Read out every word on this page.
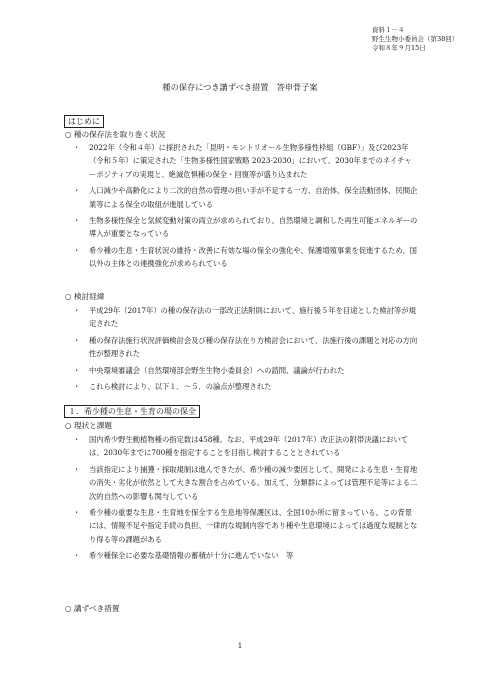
資料１－４
野生生物小委員会（第38回）
令和８年９月15日
種の保存につき講ずべき措置　答申骨子案
はじめに
○ 種の保存法を取り巻く状況
・ 2022年（令和４年）に採択された「昆明・モントリオール生物多様性枠組（GBF）」及び2023年（令和５年）に策定された「生物多様性国家戦略 2023-2030」において、2030年までのネイチャーポジティブの実現と、絶滅危惧種の保全・回復等が盛り込まれた
・ 人口減少や高齢化により二次的自然の管理の担い手が不足する一方、自治体、保全活動団体、民間企業等による保全の取組が進展している
・ 生物多様性保全と気候変動対策の両立が求められており、自然環境と調和した再生可能エネルギーの導入が重要となっている
・ 希少種の生息・生育状況の維持・改善に有効な場の保全の強化や、保護増殖事業を促進するため、国以外の主体との連携強化が求められている
○ 検討経緯
・ 平成29年（2017年）の種の保存法の一部改正法附則において、施行後５年を目途とした検討等が規定された
・ 種の保存法施行状況評価検討会及び種の保存法在り方検討会において、法施行後の課題と対応の方向性が整理された
・ 中央環境審議会（自然環境部会野生生物小委員会）への諮問、議論が行われた
・ これら検討により、以下１．～５．の論点が整理された
１．希少種の生息・生育の場の保全
○ 現状と課題
・ 国内希少野生動植物種の指定数は458種。なお、平成29年（2017年）改正法の附帯決議においては、2030年までに700種を指定することを目指し検討することとされている
・ 当該指定により捕獲・採取規制は進んできたが、希少種の減少要因として、開発による生息・生育地の消失・劣化が依然として大きな割合を占めている。加えて、分類群によっては管理不足等による二次的自然への影響も関与している
・ 希少種の重要な生息・生育地を保全する生息地等保護区は、全国10か所に留まっている。この背景には、情報不足や指定手続の負担、一律的な規制内容であり種や生息環境によっては過度な規制となり得る等の課題がある
・ 希少種保全に必要な基礎情報の蓄積が十分に進んでいない　等
○ 講ずべき措置
1
